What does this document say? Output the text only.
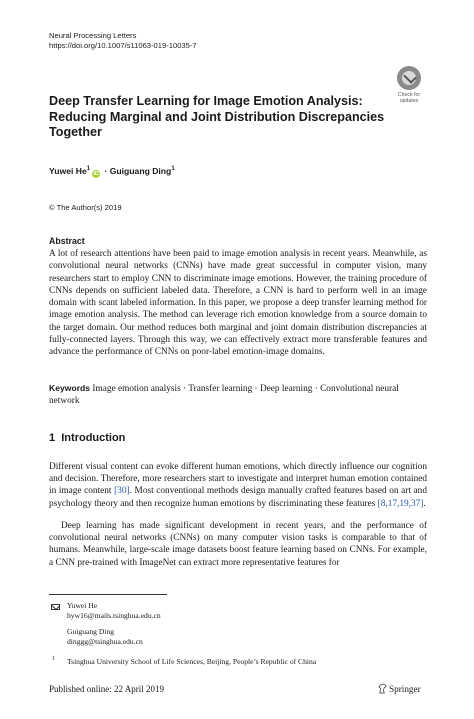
Neural Processing Letters
https://doi.org/10.1007/s11063-019-10035-7
Check for
updates
Deep Transfer Learning for Image Emotion Analysis: Reducing Marginal and Joint Distribution Discrepancies Together
Yuwei $He^1iD$ · Guiguang Ding$^1$
© The Author(s) 2019
Abstract
A lot of research attentions have been paid to image emotion analysis in recent years. Meanwhile, as convolutional neural networks (CNNs) have made great successful in computer vision, many researchers start to employ CNN to discriminate image emotions. However, the training procedure of CNNs depends on sufficient labeled data. Therefore, a CNN is hard to perform well in an image domain with scant labeled information. In this paper, we propose a deep transfer learning method for image emotion analysis. The method can leverage rich emotion knowledge from a source domain to the target domain. Our method reduces both marginal and joint domain distribution discrepancies at fully-connected layers. Through this way, we can effectively extract more transferable features and advance the performance of CNNs on poor-label emotion-image domains.
Keywords Image emotion analysis · Transfer learning · Deep learning · Convolutional neural network
1 Introduction
Different visual content can evoke different human emotions, which directly influence our cognition and decision. Therefore, more researchers start to investigate and interpret human emotion contained in image content [30]. Most conventional methods design manually crafted features based on art and psychology theory and then recognize human emotions by discriminating these features [8,17,19,37].
Deep learning has made significant development in recent years, and the performance of convolutional neural networks (CNNs) on many computer vision tasks is comparable to that of humans. Meanwhile, large-scale image datasets boost feature learning based on CNNs. For example, a CNN pre-trained with ImageNet can extract more representative features for
Yuwei He
hyw16@mails.tsinghua.edu.cn
Guiguang Ding
dinggg@tsinghua.edu.cn
1 Tsinghua University School of Life Sciences, Beijing, People’s Republic of China
Published online: 22 April 2019	Springer
